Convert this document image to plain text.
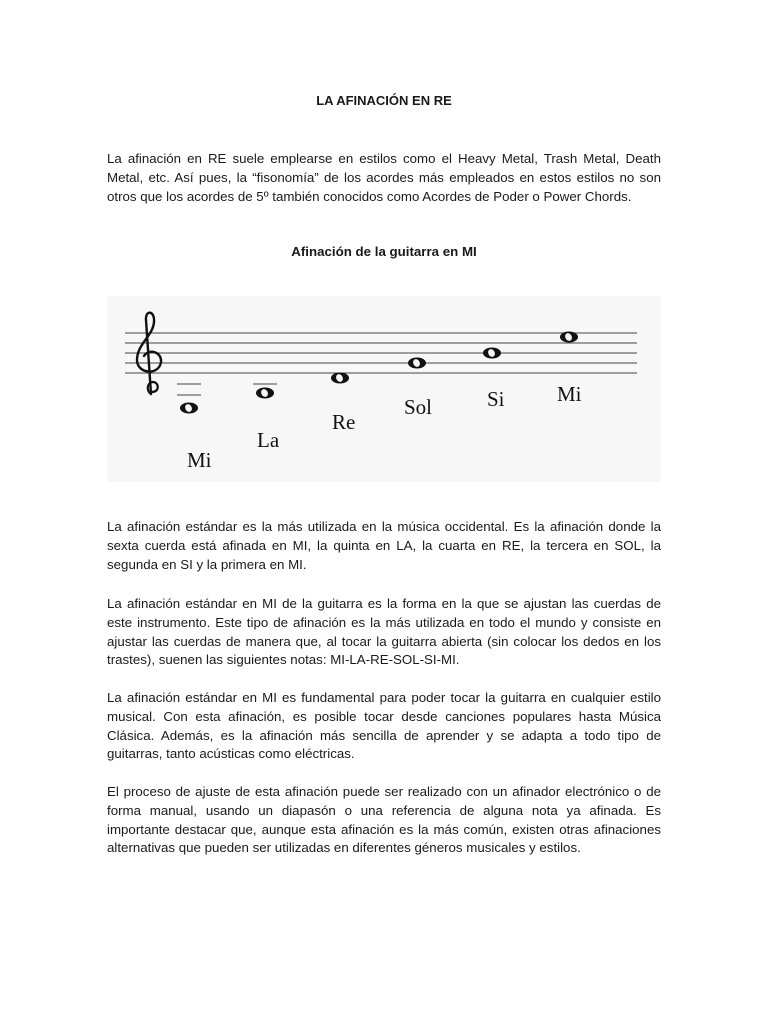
LA AFINACIÓN EN RE

La afinación en RE suele emplearse en estilos como el Heavy Metal, Trash Metal, Death Metal, etc. Así pues, la “fisonomía” de los acordes más empleados en estos estilos no son otros que los acordes de 5º también conocidos como Acordes de Poder o Power Chords.

Afinación de la guitarra en MI
Mi
La
Re
Sol	Si Mi

La afinación estándar es la más utilizada en la música occidental. Es la afinación donde la sexta cuerda está afinada en MI, la quinta en LA, la cuarta en RE, la tercera en SOL, la segunda en SI y la primera en MI.

La afinación estándar en MI de la guitarra es la forma en la que se ajustan las cuerdas de este instrumento. Este tipo de afinación es la más utilizada en todo el mundo y consiste en ajustar las cuerdas de manera que, al tocar la guitarra abierta (sin colocar los dedos en los trastes), suenen las siguientes notas: MI-LA-RE-SOL-SI-MI.

La afinación estándar en MI es fundamental para poder tocar la guitarra en cualquier estilo musical. Con esta afinación, es posible tocar desde canciones populares hasta Música Clásica. Además, es la afinación más sencilla de aprender y se adapta a todo tipo de guitarras, tanto acústicas como eléctricas.

El proceso de ajuste de esta afinación puede ser realizado con un afinador electrónico o de forma manual, usando un diapasón o una referencia de alguna nota ya afinada. Es importante destacar que, aunque esta afinación es la más común, existen otras afinaciones alternativas que pueden ser utilizadas en diferentes géneros musicales y estilos.
